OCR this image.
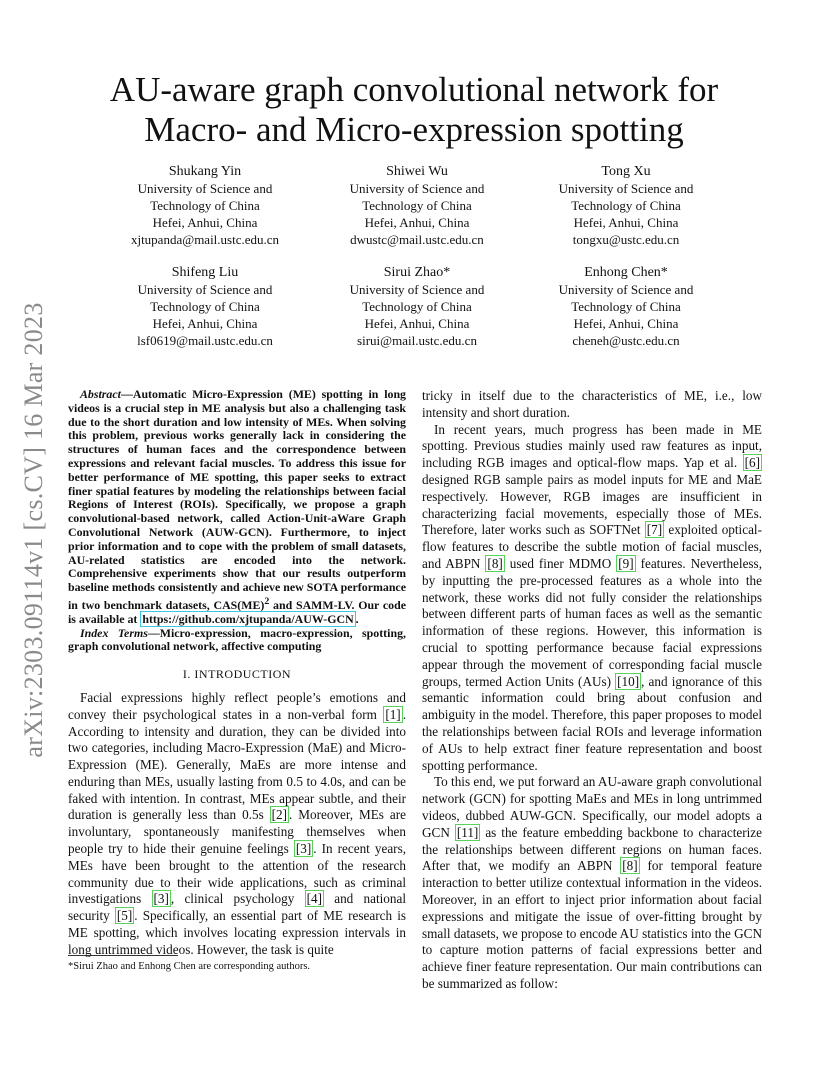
arXiv:2303.09114v1 [cs.CV] 16 Mar 2023
AU-aware graph convolutional network for Macro- and Micro-expression spotting
Shukang Yin
University of Science and
Technology of China
Hefei, Anhui, China
xjtupanda@mail.ustc.edu.cn
Shiwei Wu
University of Science and
Technology of China
Hefei, Anhui, China
dwustc@mail.ustc.edu.cn
Tong Xu
University of Science and
Technology of China
Hefei, Anhui, China
tongxu@ustc.edu.cn
Shifeng Liu
University of Science and
Technology of China
Hefei, Anhui, China
lsf0619@mail.ustc.edu.cn
Sirui Zhao*
University of Science and
Technology of China
Hefei, Anhui, China
sirui@mail.ustc.edu.cn
Enhong Chen*
University of Science and
Technology of China
Hefei, Anhui, China
cheneh@ustc.edu.cn

Abstract—Automatic Micro-Expression (ME) spotting in long videos is a crucial step in ME analysis but also a challenging task due to the short duration and low intensity of MEs. When solving this problem, previous works generally lack in considering the structures of human faces and the correspondence between expressions and relevant facial muscles. To address this issue for better performance of ME spotting, this paper seeks to extract finer spatial features by modeling the relationships between facial Regions of Interest (ROIs). Specifically, we propose a graph convolutional-based network, called Action-Unit-aWare Graph Convolutional Network (AUW-GCN). Furthermore, to inject prior information and to cope with the problem of small datasets, AU-related statistics are encoded into the network. Comprehensive experiments show that our results outperform baseline methods consistently and achieve new SOTA performance in two benchmark datasets, CAS(ME)$^2$ and SAMM-LV. Our code is available at https://github.com/xjtupanda/AUW-GCN .

Index Terms—Micro-expression, macro-expression, spotting, graph convolutional network, affective computing

I. INTRODUCTION

Facial expressions highly reflect people’s emotions and convey their psychological states in a non-verbal form [1] . According to intensity and duration, they can be divided into two categories, including Macro-Expression (MaE) and Micro-Expression (ME). Generally, MaEs are more intense and enduring than MEs, usually lasting from 0.5 to 4.0s, and can be faked with intention. In contrast, MEs appear subtle, and their duration is generally less than 0.5s [2] . Moreover, MEs are involuntary, spontaneously manifesting themselves when people try to hide their genuine feelings [3] . In recent years, MEs have been brought to the attention of the research community due to their wide applications, such as criminal investigations [3] , clinical psychology [4] and national security [5] . Specifically, an essential part of ME research is ME spotting, which involves locating expression intervals in long untrimmed videos. However, the task is quite

tricky in itself due to the characteristics of ME, i.e., low intensity and short duration.

In recent years, much progress has been made in ME spotting. Previous studies mainly used raw features as input, including RGB images and optical-flow maps. Yap et al. [6] designed RGB sample pairs as model inputs for ME and MaE respectively. However, RGB images are insufficient in characterizing facial movements, especially those of MEs. Therefore, later works such as SOFTNet [7] exploited optical-flow features to describe the subtle motion of facial muscles, and ABPN [8] used finer MDMO [9] features. Nevertheless, by inputting the pre-processed features as a whole into the network, these works did not fully consider the relationships between different parts of human faces as well as the semantic information of these regions. However, this information is crucial to spotting performance because facial expressions appear through the movement of corresponding facial muscle groups, termed Action Units (AUs) [10] , and ignorance of this semantic information could bring about confusion and ambiguity in the model. Therefore, this paper proposes to model the relationships between facial ROIs and leverage information of AUs to help extract finer feature representation and boost spotting performance.

To this end, we put forward an AU-aware graph convolutional network (GCN) for spotting MaEs and MEs in long untrimmed videos, dubbed AUW-GCN. Specifically, our model adopts a GCN [11] as the feature embedding backbone to characterize the relationships between different regions on human faces. After that, we modify an ABPN [8] for temporal feature interaction to better utilize contextual information in the videos. Moreover, in an effort to inject prior information about facial expressions and mitigate the issue of over-fitting brought by small datasets, we propose to encode AU statistics into the GCN to capture motion patterns of facial expressions better and achieve finer feature representation. Our main contributions can be summarized as follow:

*Sirui Zhao and Enhong Chen are corresponding authors.
